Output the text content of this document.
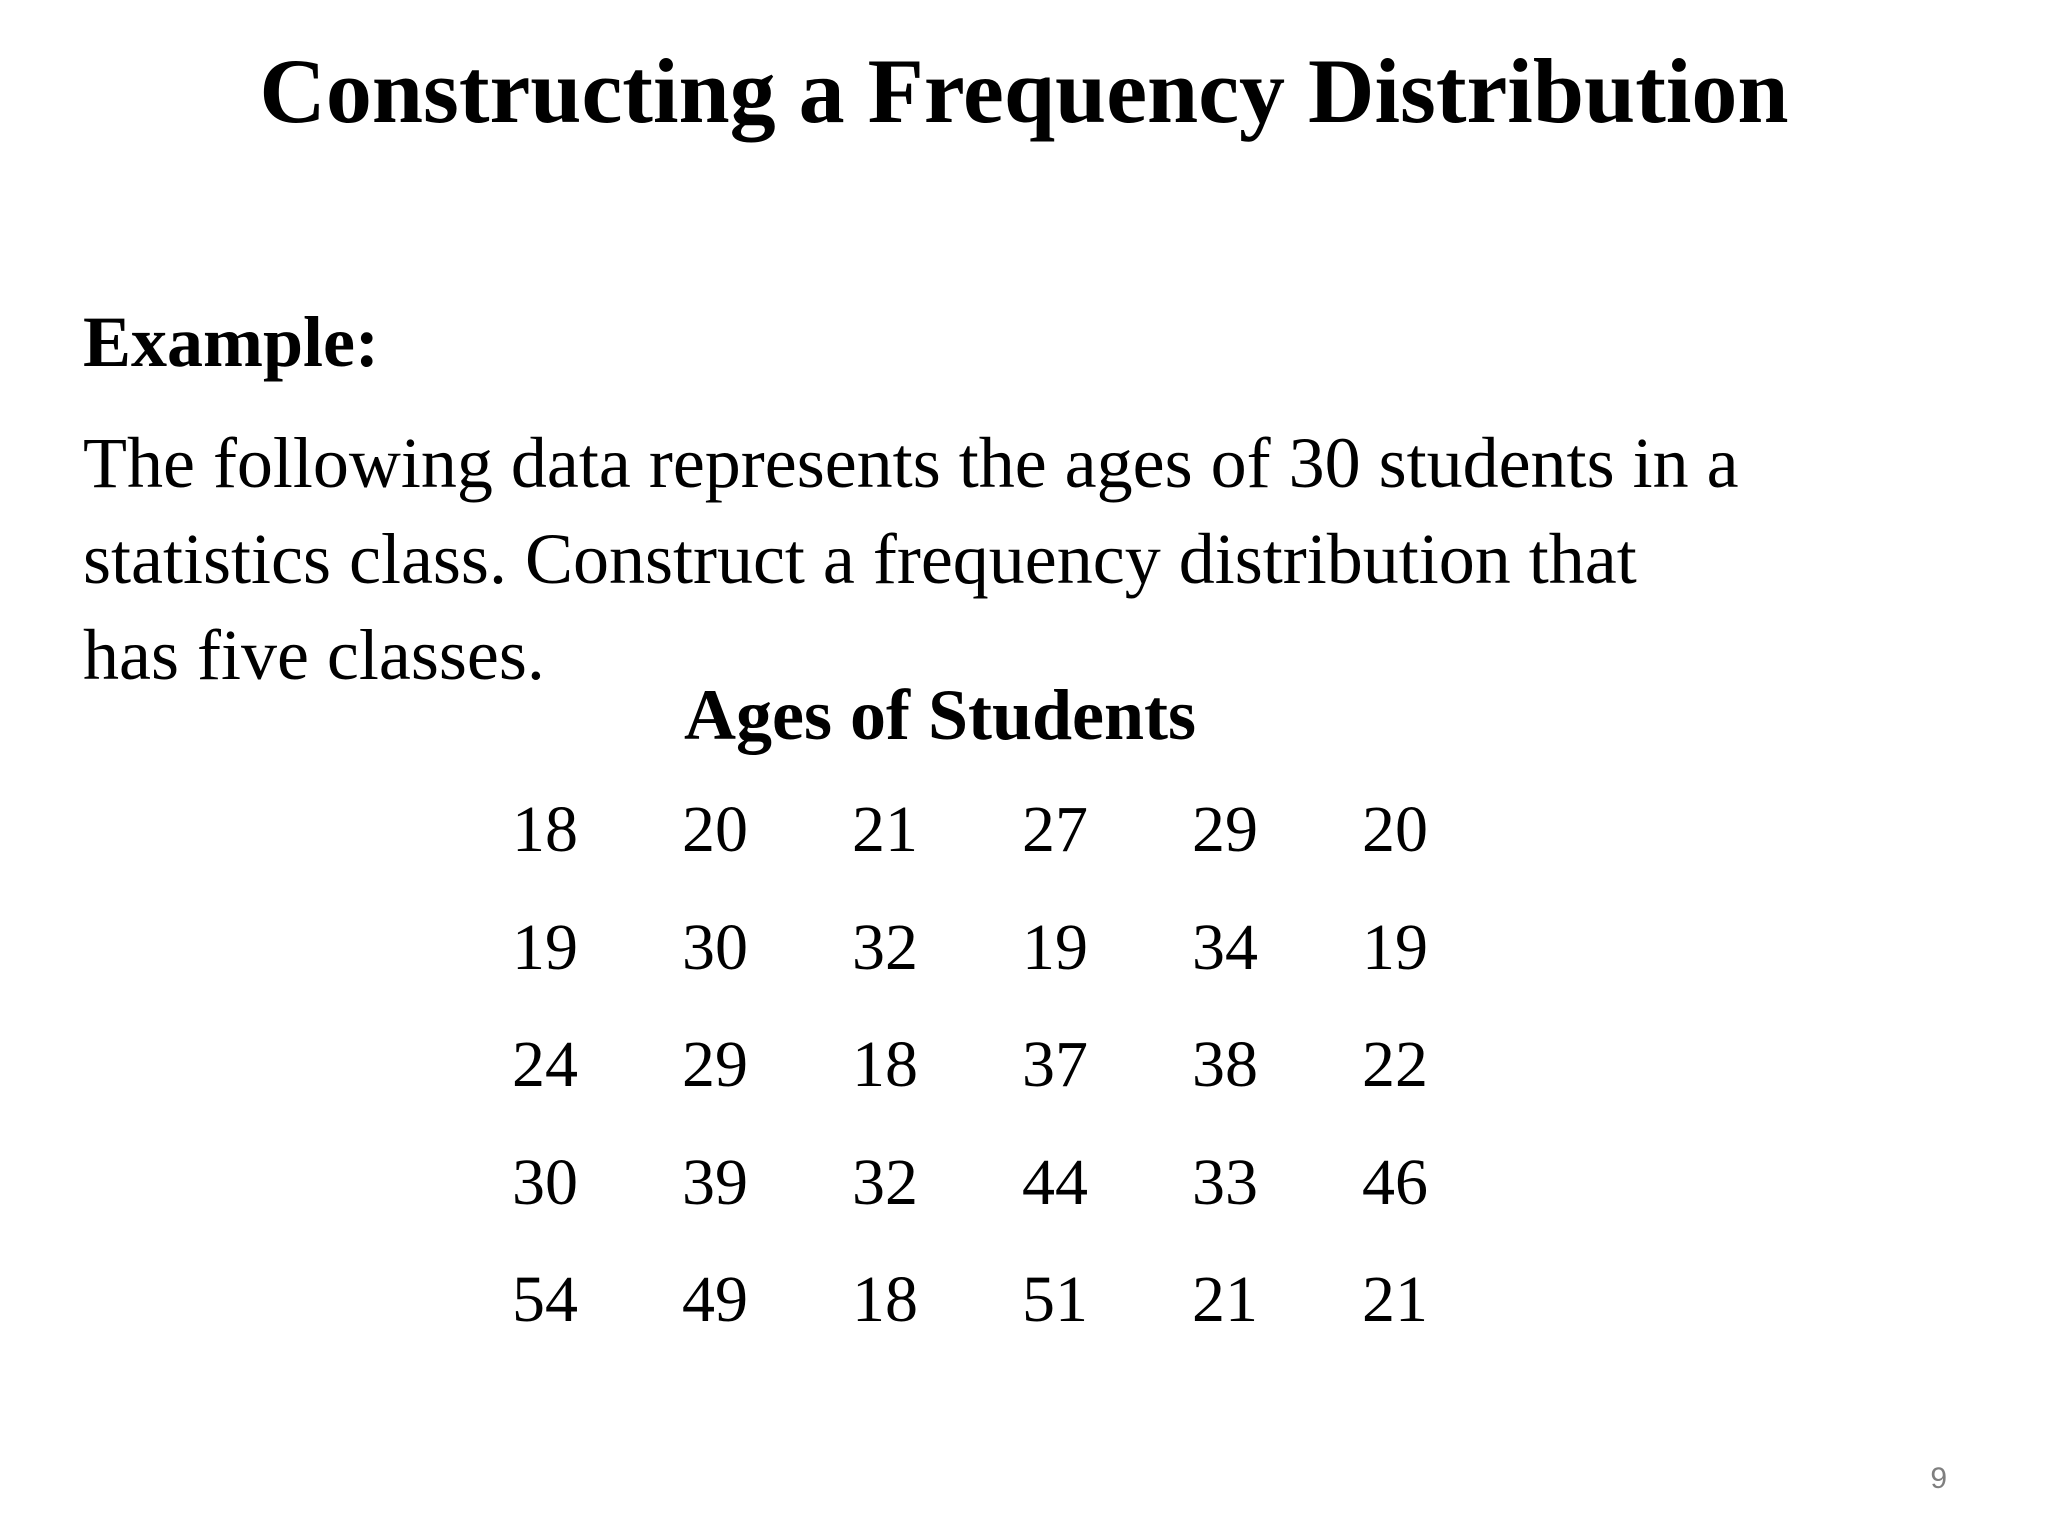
Constructing a Frequency Distribution
Example:

The following data represents the ages of 30 students in a
statistics class. Construct a frequency distribution that
has five classes.

Ages of Students
18	20	21	27	29	20
19	30	32	19	34	19
24	29	18	37	38	22
30	39	32	44	33	46
54	49	18	51	21	21
9
